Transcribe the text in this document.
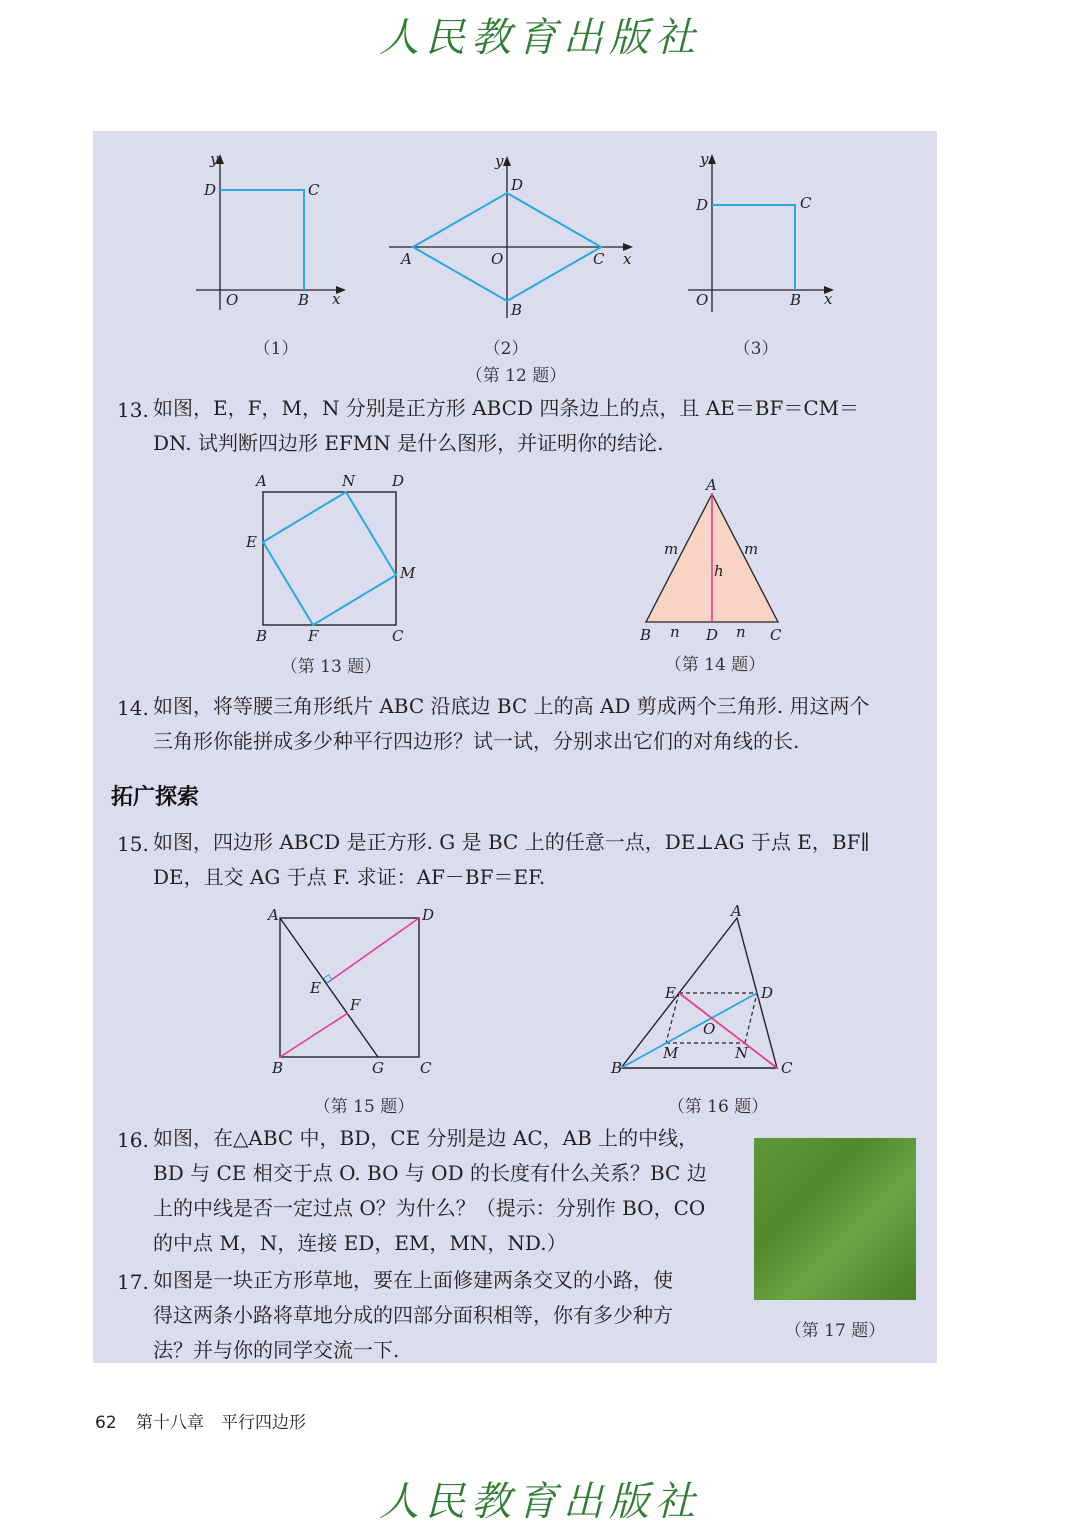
人民教育出版社
y
D	C
O	B x
y
D
A	O	C x
B
y
D	C
O	B x
（1）	（2）	（3）
（第 12 题）
13. 如图，E，F，M，N 分别是正方形 ABCD 四条边上的点，且 AE＝BF＝CM＝
DN. 试判断四边形 EFMN 是什么图形，并证明你的结论.
A	N D
E
M
B	F	C
（第 13 题）
A
m	m
h
B n D n C
（第 14 题）
14. 如图，将等腰三角形纸片 ABC 沿底边 BC 上的高 AD 剪成两个三角形. 用这两个
三角形你能拼成多少种平行四边形？试一试，分别求出它们的对角线的长.
拓广探索
15. 如图，四边形 ABCD 是正方形. G 是 BC 上的任意一点，DE⊥AG 于点 E，BF∥
DE，且交 AG 于点 F. 求证：AF－BF＝EF.
A	D
E
F
B	G C
（第 15 题）
A
E	D
O
M	N
B	C
（第 16 题）
16. 如图，在△ABC 中，BD，CE 分别是边 AC，AB 上的中线，
BD 与 CE 相交于点 O. BO 与 OD 的长度有什么关系？BC 边
上的中线是否一定过点 O？为什么？（提示：分别作 BO，CO
的中点 M，N，连接 ED，EM，MN，ND.）
17. 如图是一块正方形草地，要在上面修建两条交叉的小路，使
得这两条小路将草地分成的四部分面积相等，你有多少种方
法？并与你的同学交流一下.
（第 17 题）
62 第十八章　平行四边形
人民教育出版社
